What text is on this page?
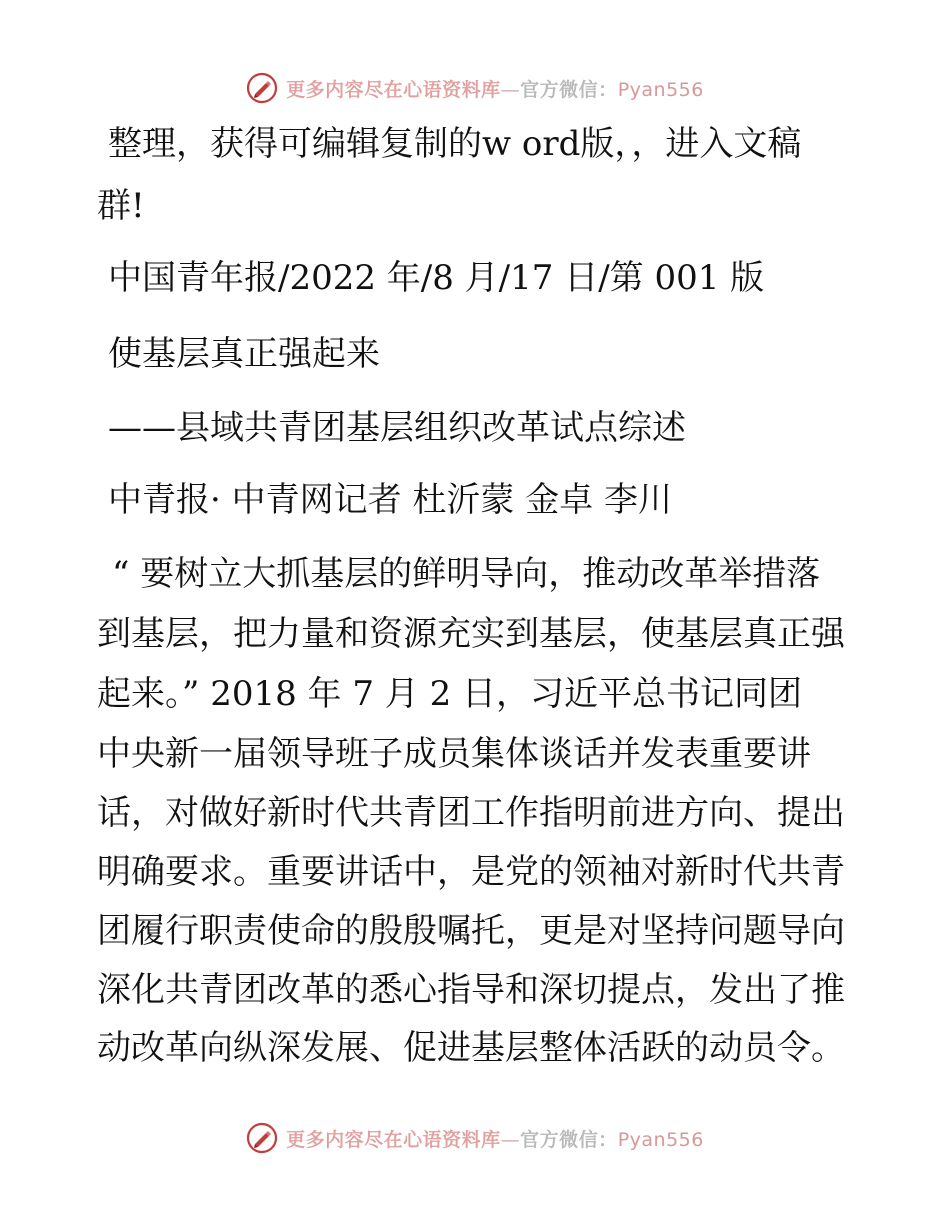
更多内容尽在心语资料库—官方微信：Pyan556
整理，获得可编辑复制的w ord版，，进入文稿
群!
中国青年报/2022 年/8 月/17 日/第 001 版
使基层真正强起来
——县域共青团基层组织改革试点综述
中青报· 中青网记者 杜沂蒙 金卓 李川
“ 要树立大抓基层的鲜明导向，推动改革举措落
到基层，把力量和资源充实到基层，使基层真正强
起来。” 2018 年 7 月 2 日，习近平总书记同团
中央新一届领导班子成员集体谈话并发表重要讲
话，对做好新时代共青团工作指明前进方向、提出
明确要求。重要讲话中，是党的领袖对新时代共青
团履行职责使命的殷殷嘱托，更是对坚持问题导向
深化共青团改革的悉心指导和深切提点，发出了推
动改革向纵深发展、促进基层整体活跃的动员令。
更多内容尽在心语资料库—官方微信：Pyan556
